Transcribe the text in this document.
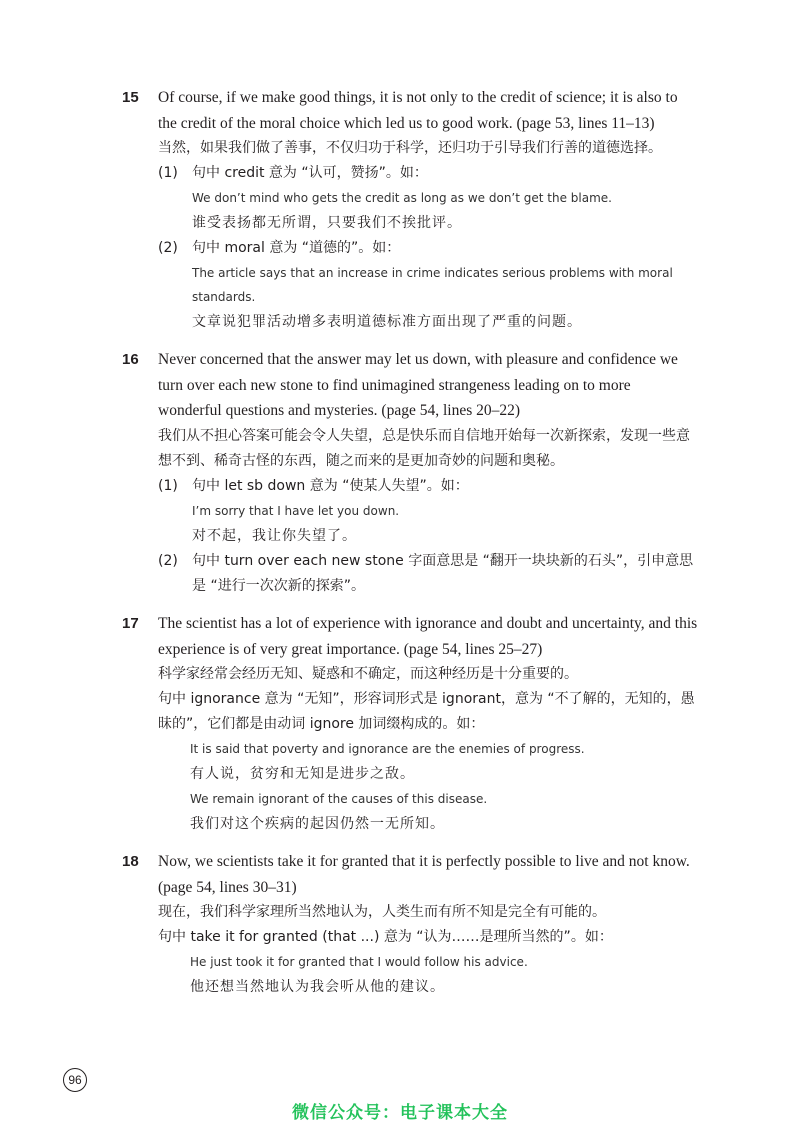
15 Of course, if we make good things, it is not only to the credit of science; it is also to the credit of the moral choice which led us to good work. (page 53, lines 11–13)
当然，如果我们做了善事，不仅归功于科学，还归功于引导我们行善的道德选择。
(1) 句中 credit 意为 “认可，赞扬”。如：
We don’t mind who gets the credit as long as we don’t get the blame.
谁受表扬都无所谓，只要我们不挨批评。
(2) 句中 moral 意为 “道德的”。如：
The article says that an increase in crime indicates serious problems with moral standards.
文章说犯罪活动增多表明道德标准方面出现了严重的问题。
16 Never concerned that the answer may let us down, with pleasure and confidence we turn over each new stone to find unimagined strangeness leading on to more wonderful questions and mysteries. (page 54, lines 20–22)
我们从不担心答案可能会令人失望，总是快乐而自信地开始每一次新探索，发现一些意想不到、稀奇古怪的东西，随之而来的是更加奇妙的问题和奥秘。
(1) 句中 let sb down 意为 “使某人失望”。如：
I’m sorry that I have let you down.
对不起，我让你失望了。
(2) 句中 turn over each new stone 字面意思是 “翻开一块块新的石头”，引申意思是 “进行一次次新的探索”。
17 The scientist has a lot of experience with ignorance and doubt and uncertainty, and this experience is of very great importance. (page 54, lines 25–27)
科学家经常会经历无知、疑惑和不确定，而这种经历是十分重要的。
句中 ignorance 意为 “无知”，形容词形式是 ignorant，意为 “不了解的，无知的，愚昧的”，它们都是由动词 ignore 加词缀构成的。如：
It is said that poverty and ignorance are the enemies of progress.
有人说，贫穷和无知是进步之敌。
We remain ignorant of the causes of this disease.
我们对这个疾病的起因仍然一无所知。
18 Now, we scientists take it for granted that it is perfectly possible to live and not know. (page 54, lines 30–31)
现在，我们科学家理所当然地认为，人类生而有所不知是完全有可能的。
句中 take it for granted (that ...) 意为 “认为……是理所当然的”。如：
He just took it for granted that I would follow his advice.
他还想当然地认为我会听从他的建议。
96
微信公众号：电子课本大全
